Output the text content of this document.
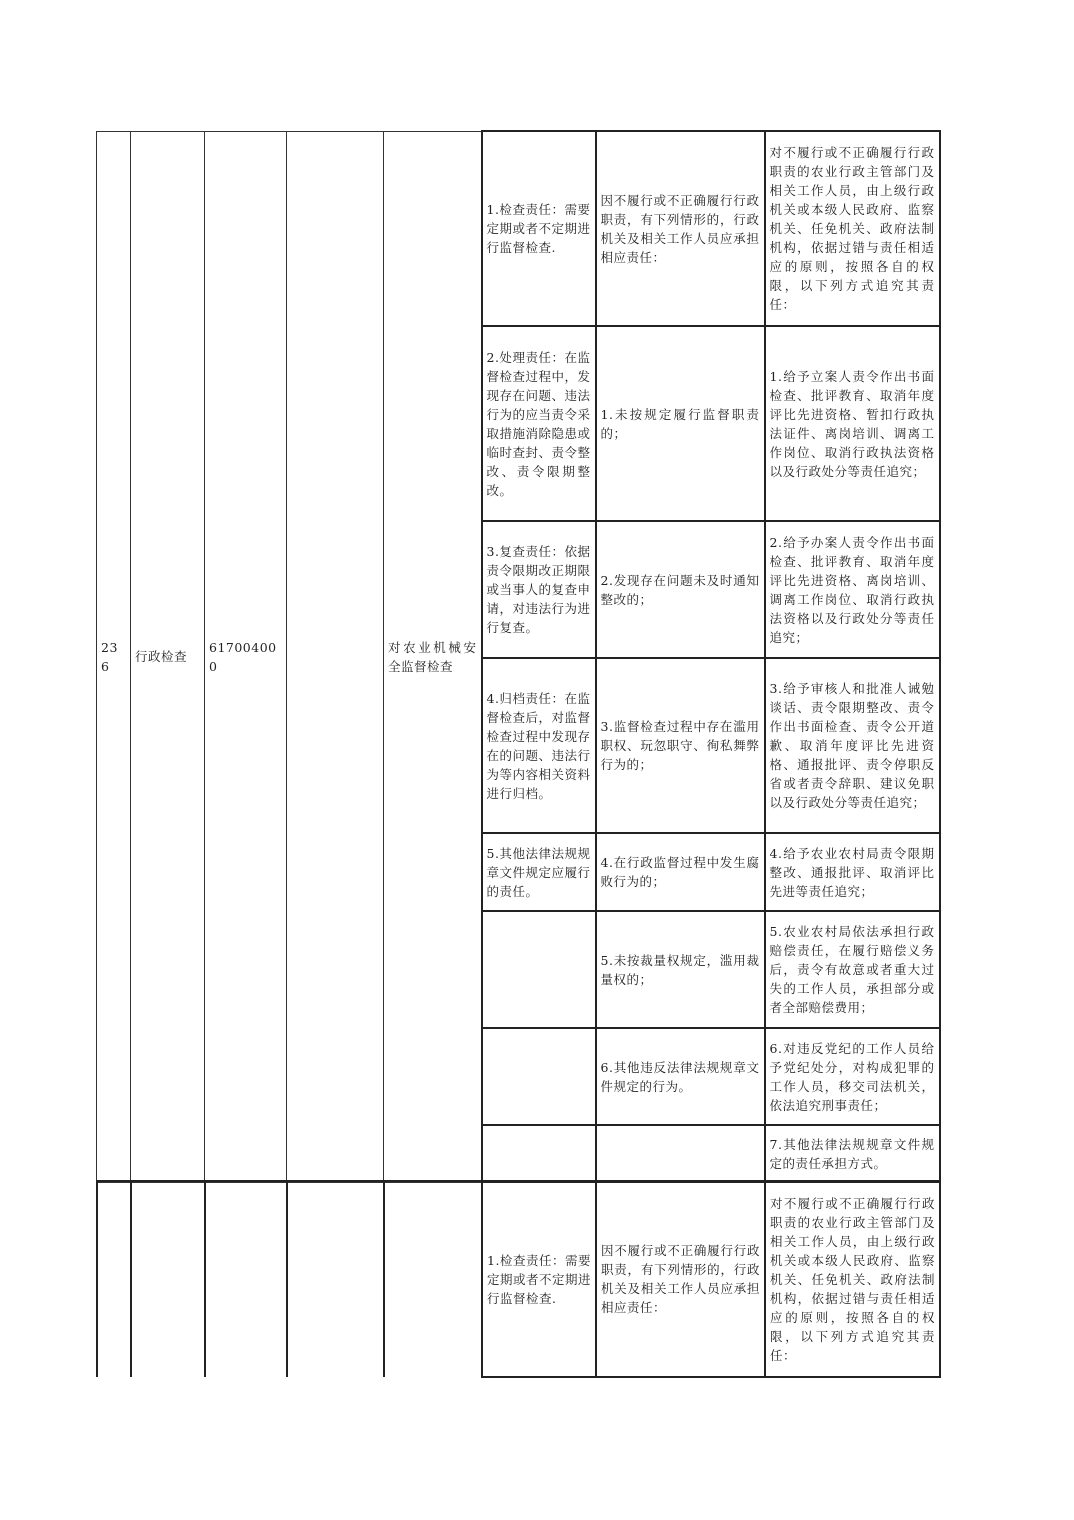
236	行政检查	617004000		对农业机械安全监督检查	1.检查责任：需要定期或者不定期进行监督检查.	因不履行或不正确履行行政职责，有下列情形的，行政机关及相关工作人员应承担相应责任：	对不履行或不正确履行行政职责的农业行政主管部门及相关工作人员，由上级行政机关或本级人民政府、监察机关、任免机关、政府法制机构，依据过错与责任相适应的原则，按照各自的权限，以下列方式追究其责任：
					2.处理责任：在监督检查过程中，发现存在问题、违法行为的应当责令采取措施消除隐患或临时查封、责令整改、责令限期整改。	1.未按规定履行监督职责的；	1.给予立案人责令作出书面检查、批评教育、取消年度评比先进资格、暂扣行政执法证件、离岗培训、调离工作岗位、取消行政执法资格以及行政处分等责任追究；
					3.复查责任：依据责令限期改正期限或当事人的复查申请，对违法行为进行复查。	2.发现存在问题未及时通知整改的；	2.给予办案人责令作出书面检查、批评教育、取消年度评比先进资格、离岗培训、调离工作岗位、取消行政执法资格以及行政处分等责任追究；
					4.归档责任：在监督检查后，对监督检查过程中发现存在的问题、违法行为等内容相关资料进行归档。	3.监督检查过程中存在滥用职权、玩忽职守、徇私舞弊行为的；	3.给予审核人和批准人诫勉谈话、责令限期整改、责令作出书面检查、责令公开道歉、取消年度评比先进资格、通报批评、责令停职反省或者责令辞职、建议免职以及行政处分等责任追究；
					5.其他法律法规规章文件规定应履行的责任。	4.在行政监督过程中发生腐败行为的；	4.给予农业农村局责令限期整改、通报批评、取消评比先进等责任追究；
						5.未按裁量权规定，滥用裁量权的；	5.农业农村局依法承担行政赔偿责任，在履行赔偿义务后，责令有故意或者重大过失的工作人员，承担部分或者全部赔偿费用；
						6.其他违反法律法规规章文件规定的行为。	6.对违反党纪的工作人员给予党纪处分，对构成犯罪的工作人员，移交司法机关，依法追究刑事责任；
							7.其他法律法规规章文件规定的责任承担方式。
					1.检查责任：需要定期或者不定期进行监督检查.	因不履行或不正确履行行政职责，有下列情形的，行政机关及相关工作人员应承担相应责任：	对不履行或不正确履行行政职责的农业行政主管部门及相关工作人员，由上级行政机关或本级人民政府、监察机关、任免机关、政府法制机构，依据过错与责任相适应的原则，按照各自的权限，以下列方式追究其责任：
